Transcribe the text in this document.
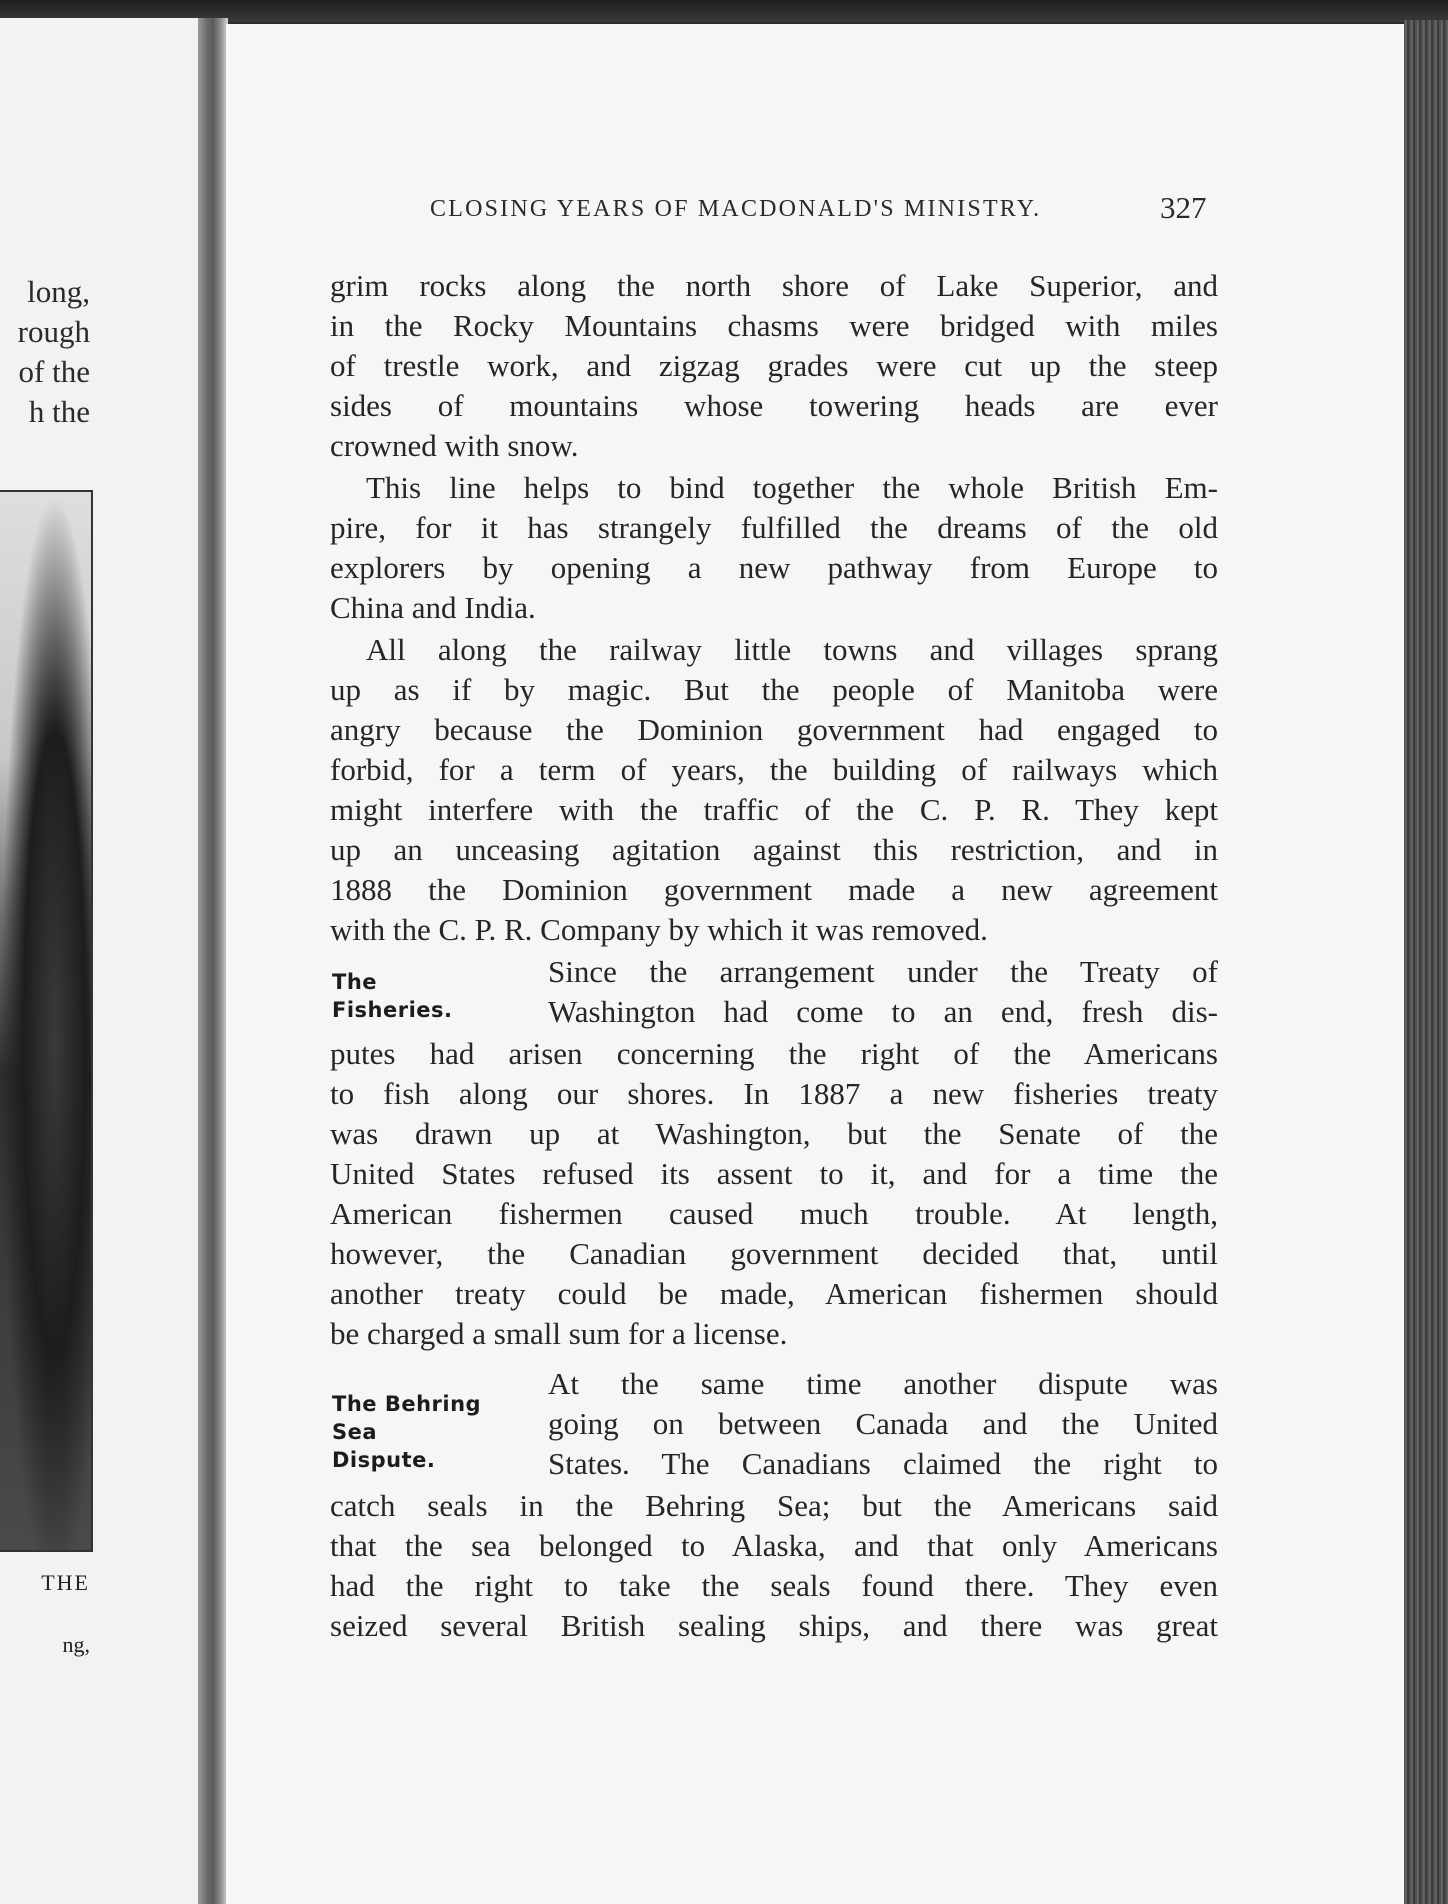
long,
rough
of the
h the
THE
ng,
CLOSING YEARS OF MACDONALD'S MINISTRY.	327
grim rocks along the north shore of Lake Superior, and
in the Rocky Mountains chasms were bridged with miles
of trestle work, and zigzag grades were cut up the steep
sides of mountains whose towering heads are ever
crowned with snow.
This line helps to bind together the whole British Em-
pire, for it has strangely fulfilled the dreams of the old
explorers by opening a new pathway from Europe to
China and India.
All along the railway little towns and villages sprang
up as if by magic. But the people of Manitoba were
angry because the Dominion government had engaged to
forbid, for a term of years, the building of railways which
might interfere with the traffic of the C. P. R. They kept
up an unceasing agitation against this restriction, and in
1888 the Dominion government made a new agreement
with the C. P. R. Company by which it was removed.
The
Fisheries.
Since the arrangement under the Treaty of
Washington had come to an end, fresh dis-
putes had arisen concerning the right of the Americans
to fish along our shores. In 1887 a new fisheries treaty
was drawn up at Washington, but the Senate of the
United States refused its assent to it, and for a time the
American fishermen caused much trouble. At length,
however, the Canadian government decided that, until
another treaty could be made, American fishermen should
be charged a small sum for a license.
The Behring
Sea
Dispute.
At the same time another dispute was
going on between Canada and the United
States. The Canadians claimed the right to
catch seals in the Behring Sea; but the Americans said
that the sea belonged to Alaska, and that only Americans
had the right to take the seals found there. They even
seized several British sealing ships, and there was great
